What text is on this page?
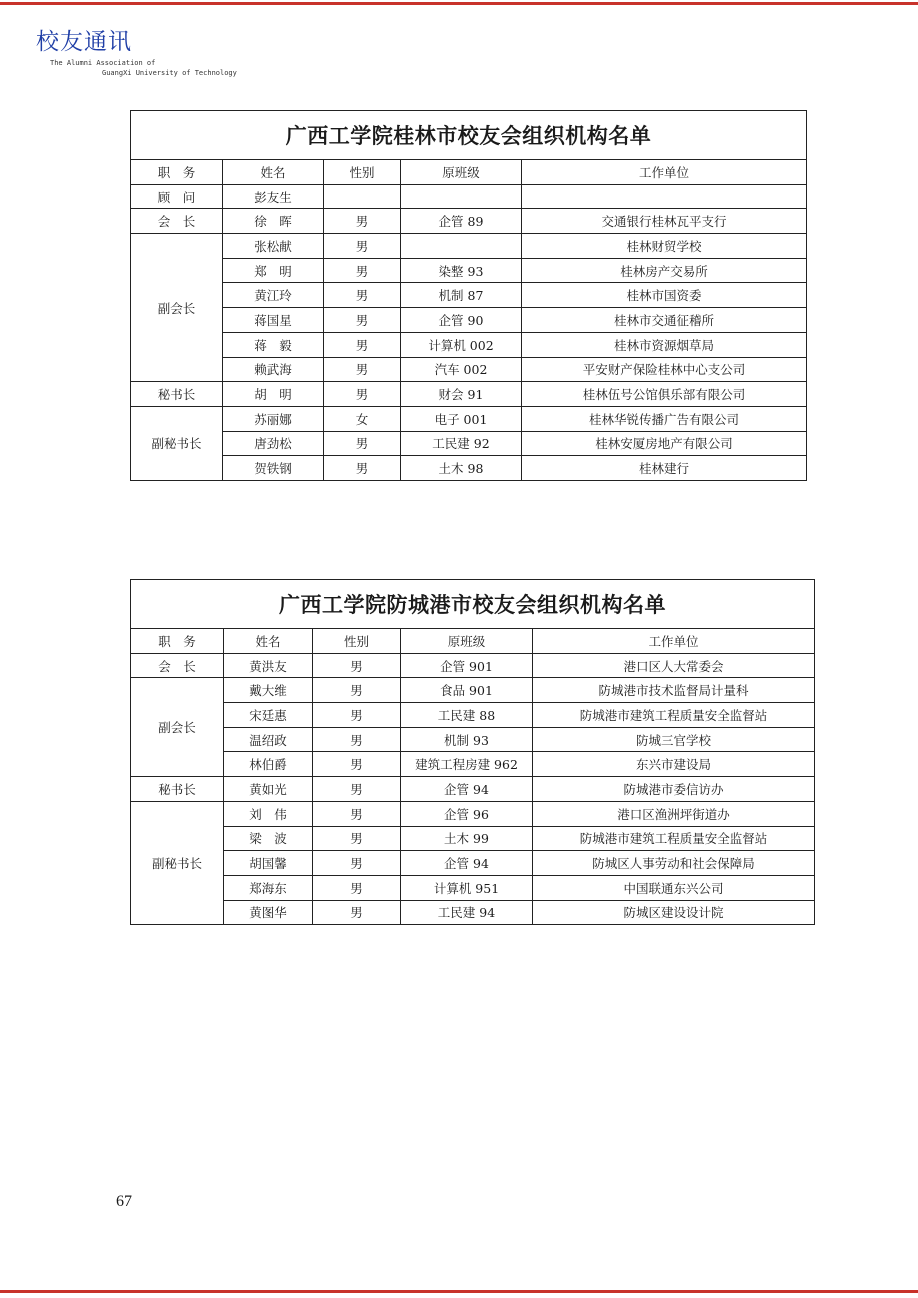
校友通讯
The Alumni Association of
GuangXi University of Technology
广西工学院桂林市校友会组织机构名单				
职　务	姓名	性别	原班级	工作单位
顾　问	彭友生			
会　长	徐　晖	男	企管 89	交通银行桂林瓦平支行
副会长	张松献	男		桂林财贸学校
	郑　明	男	染整 93	桂林房产交易所
	黄江玲	男	机制 87	桂林市国资委
	蒋国星	男	企管 90	桂林市交通征稽所
	蒋　毅	男	计算机 002	桂林市资源烟草局
	赖武海	男	汽车 002	平安财产保险桂林中心支公司
秘书长	胡　明	男	财会 91	桂林伍号公馆俱乐部有限公司
副秘书长	苏丽娜	女	电子 001	桂林华锐传播广告有限公司
	唐劲松	男	工民建 92	桂林安厦房地产有限公司
	贺铁钢	男	土木 98	桂林建行
广西工学院防城港市校友会组织机构名单				
职　务	姓名	性别	原班级	工作单位
会　长	黄洪友	男	企管 901	港口区人大常委会
副会长	戴大维	男	食品 901	防城港市技术监督局计量科
	宋廷惠	男	工民建 88	防城港市建筑工程质量安全监督站
	温绍政	男	机制 93	防城三官学校
	林伯爵	男	建筑工程房建 962	东兴市建设局
秘书长	黄如光	男	企管 94	防城港市委信访办
副秘书长	刘　伟	男	企管 96	港口区渔洲坪街道办
	梁　波	男	土木 99	防城港市建筑工程质量安全监督站
	胡国馨	男	企管 94	防城区人事劳动和社会保障局
	郑海东	男	计算机 951	中国联通东兴公司
	黄图华	男	工民建 94	防城区建设设计院
67
